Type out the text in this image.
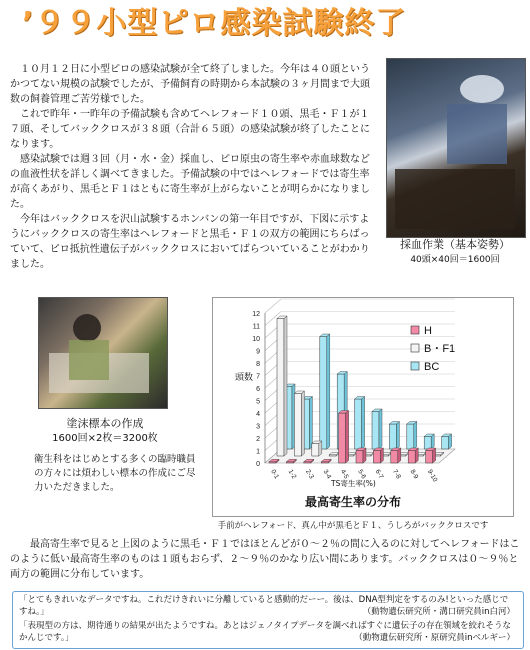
’９９小型ピロ感染試験終了

１０月１２日に小型ピロの感染試験が全て終了しました。今年は４０頭というかつてない規模の試験でしたが、予備飼育の時期から本試験の３ヶ月間まで大頭数の飼養管理ご苦労様でした。

これで昨年・一昨年の予備試験も含めてヘレフォード１０頭、黒毛・Ｆ１が１７頭、そしてバッククロスが３８頭（合計６５頭）の感染試験が終了したことになります。

感染試験では週３回（月・水・金）採血し、ピロ原虫の寄生率や赤血球数などの血液性状を詳しく調べてきました。予備試験の中ではヘレフォードでは寄生率が高くあがり、黒毛とＦ１はともに寄生率が上がらないことが明らかになりました。

今年はバッククロスを沢山試験するホンバンの第一年目ですが、下図に示すようにバッククロスの寄生率はヘレフォードと黒毛・Ｆ１の双方の範囲にちらばっていて、ピロ抵抗性遺伝子がバッククロスにおいてばらついていることがわかりました。

採血作業（基本姿勢）
40頭×40回＝1600回
塗沫標本の作成
1600回×2枚＝3200枚
衛生科をはじめとする多くの臨時職員の方々には煩わしい標本の作成にご尽力いただきました。
0
1
2
3
4
5
6
7
8
9
10
11
12
0-1 1-2 2-3 3-4 4-5 5-6 6-7 7-8 8-9 9-10
頭数
TS寄生率(%)
最高寄生率の分布
H
B・F1
BC
手前がヘレフォード、真ん中が黒毛とＦ１、うしろがバッククロスです

最高寄生率で見ると上図のように黒毛・Ｆ１ではほとんどが０～２％の間に入るのに対してヘレフォードはこのように低い最高寄生率のものは１頭もおらず、２～９％のかなり広い間にあります。バッククロスは０～９％と両方の範囲に分布しています。

「とてもきれいなデータですね。これだけきれいに分離していると感動的だーー。後は、DNA型判定をするのみ!といった感じですね。」	（動物遺伝研究所・溝口研究員in白河）
「表現型の方は、期待通りの結果が出たようですね。あとはジェノタイプデータを調べればすぐに遺伝子の存在領域を絞れそうなかんじです。」	（動物遺伝研究所・原研究員inベルギー）
